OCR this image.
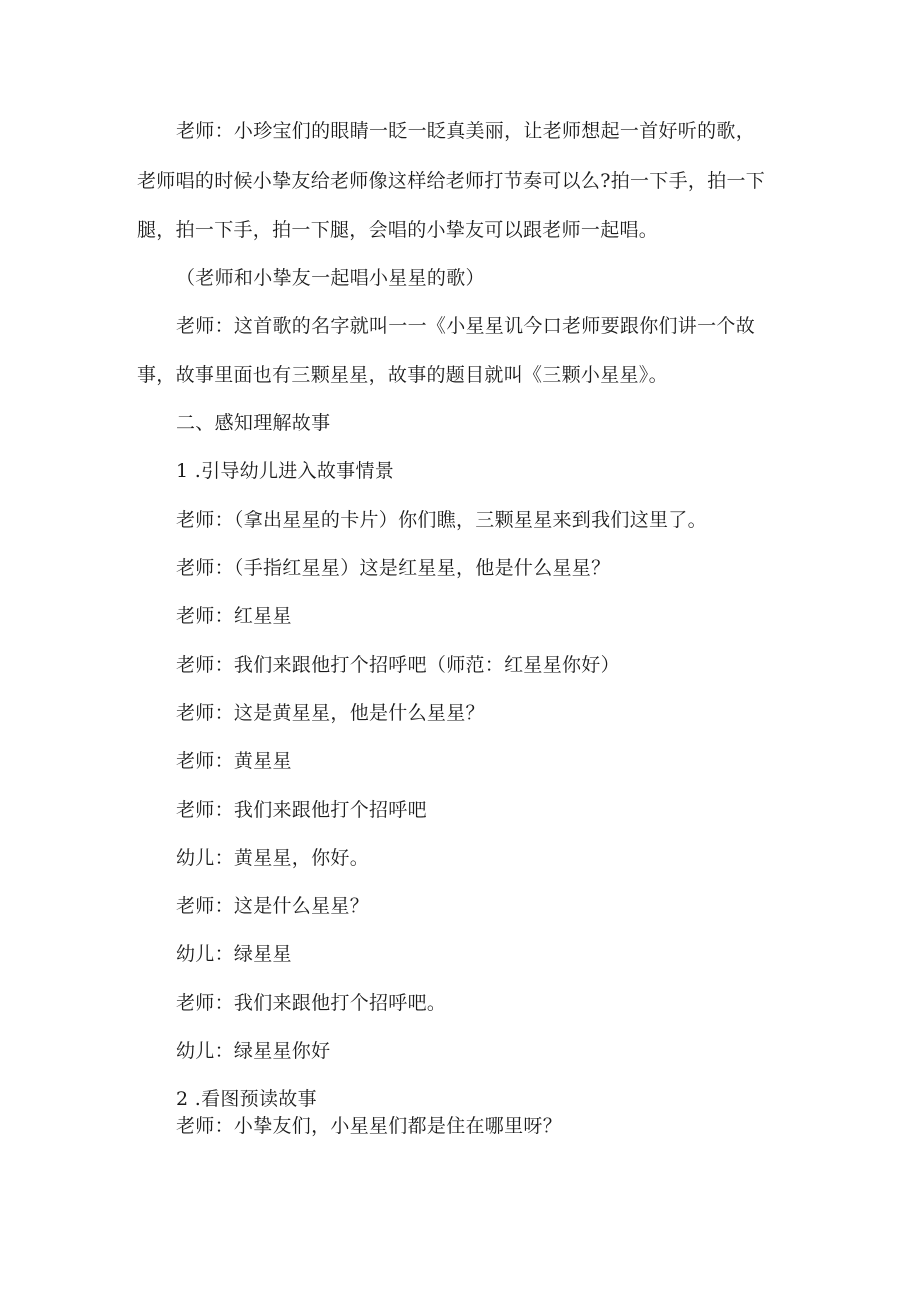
老师：小珍宝们的眼睛一眨一眨真美丽，让老师想起一首好听的歌，
老师唱的时候小挚友给老师像这样给老师打节奏可以么?拍一下手，拍一下
腿，拍一下手，拍一下腿，会唱的小挚友可以跟老师一起唱。
（老师和小挚友一起唱小星星的歌）
老师：这首歌的名字就叫一一《小星星讥今口老师要跟你们讲一个故
事，故事里面也有三颗星星，故事的题目就叫《三颗小星星》。
二、感知理解故事
1 .引导幼儿进入故事情景
老师：（拿出星星的卡片）你们瞧，三颗星星来到我们这里了。
老师：（手指红星星）这是红星星，他是什么星星？
老师：红星星
老师：我们来跟他打个招呼吧（师范：红星星你好）
老师：这是黄星星，他是什么星星？
老师：黄星星
老师：我们来跟他打个招呼吧
幼儿：黄星星，你好。
老师：这是什么星星？
幼儿：绿星星
老师：我们来跟他打个招呼吧。
幼儿：绿星星你好
2 .看图预读故事
老师：小挚友们，小星星们都是住在哪里呀？
